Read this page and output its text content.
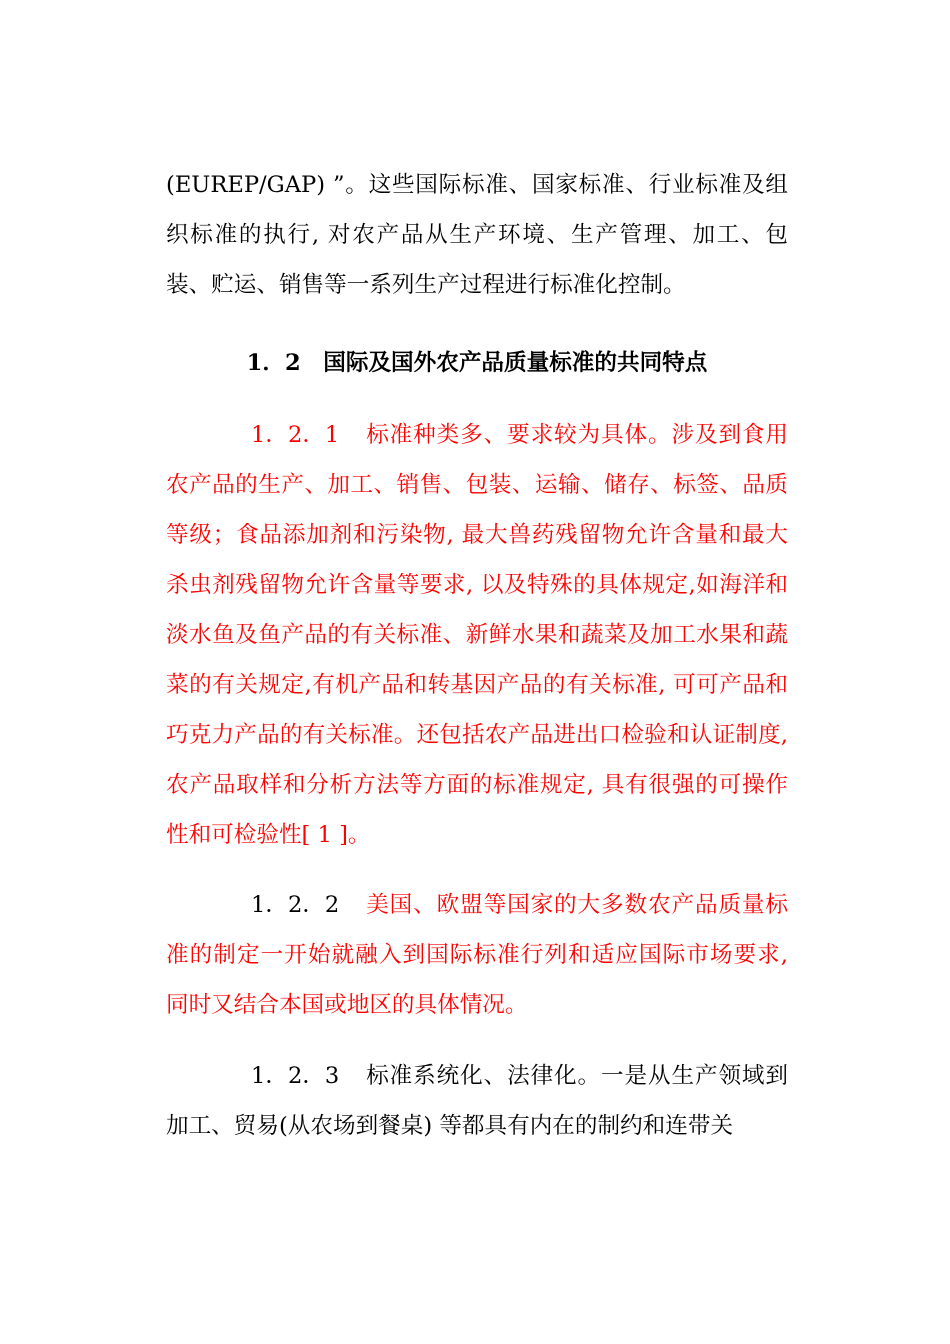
(EUREP/GAP) ”。这些国际标准、国家标准、行业标准及组织标准的执行, 对农产品从生产环境、生产管理、加工、包装、贮运、销售等一系列生产过程进行标准化控制。

1．2　国际及国外农产品质量标准的共同特点

1．2．1 标准种类多、要求较为具体。涉及到食用农产品的生产、加工、销售、包装、运输、储存、标签、品质等级；食品添加剂和污染物, 最大兽药残留物允许含量和最大杀虫剂残留物允许含量等要求, 以及特殊的具体规定,如海洋和淡水鱼及鱼产品的有关标准、新鲜水果和蔬菜及加工水果和蔬菜的有关规定,有机产品和转基因产品的有关标准, 可可产品和巧克力产品的有关标准。还包括农产品进出口检验和认证制度, 农产品取样和分析方法等方面的标准规定, 具有很强的可操作性和可检验性[ 1 ]。

1．2．2 美国、欧盟等国家的大多数农产品质量标准的制定一开始就融入到国际标准行列和适应国际市场要求, 同时又结合本国或地区的具体情况。

1．2．3 标准系统化、法律化。一是从生产领域到加工、贸易(从农场到餐桌) 等都具有内在的制约和连带关
